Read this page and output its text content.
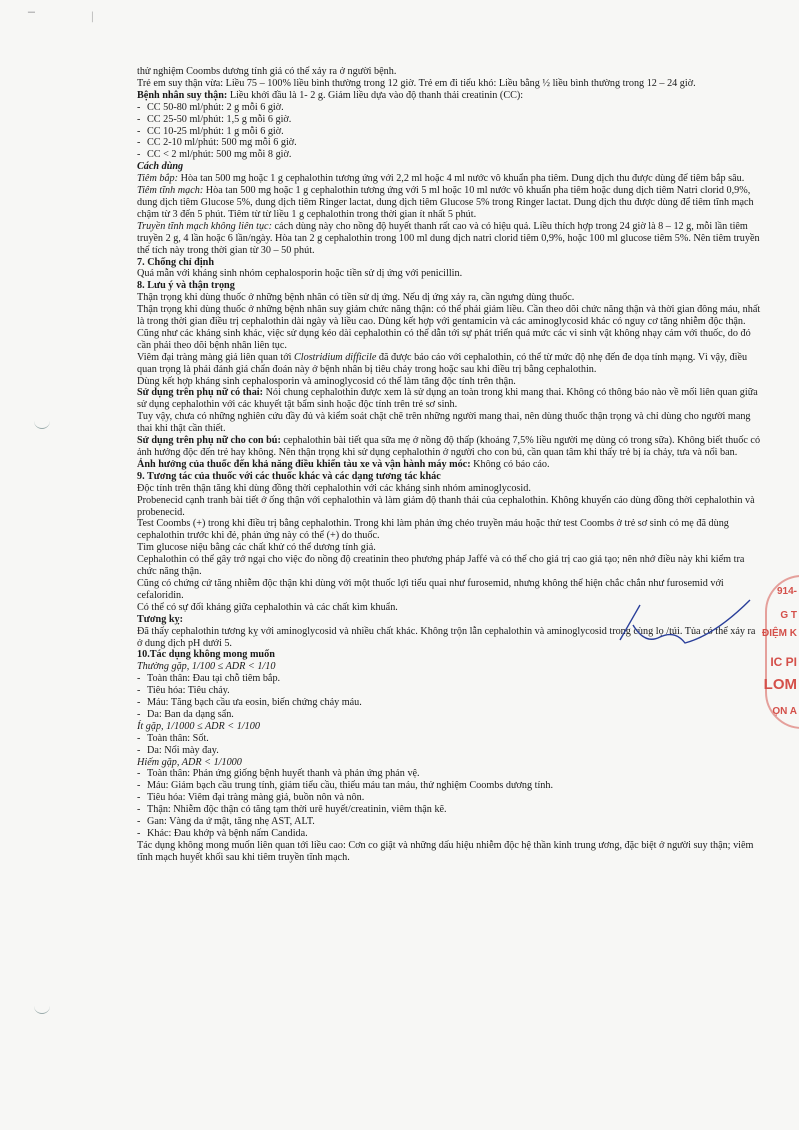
▔	▏

thử nghiệm Coombs dương tính giả có thể xảy ra ở người bệnh.

Trẻ em suy thận vừa: Liều 75 – 100% liều bình thường trong 12 giờ. Trẻ em đi tiểu khó: Liều bằng ½ liều bình thường trong 12 – 24 giờ.

Bệnh nhân suy thận: Liều khởi đầu là 1- 2 g. Giảm liều dựa vào độ thanh thải creatinin (CC):

- CC 50-80 ml/phút: 2 g mỗi 6 giờ.
- CC 25-50 ml/phút: 1,5 g mỗi 6 giờ.
- CC 10-25 ml/phút: 1 g mỗi 6 giờ.
- CC 2-10 ml/phút: 500 mg mỗi 6 giờ.
- CC < 2 ml/phút: 500 mg mỗi 8 giờ.

Cách dùng

Tiêm bắp: Hòa tan 500 mg hoặc 1 g cephalothin tương ứng với 2,2 ml hoặc 4 ml nước vô khuẩn pha tiêm. Dung dịch thu được dùng để tiêm bắp sâu.

Tiêm tĩnh mạch: Hòa tan 500 mg hoặc 1 g cephalothin tương ứng với 5 ml hoặc 10 ml nước vô khuẩn pha tiêm hoặc dung dịch tiêm Natri clorid 0,9%, dung dịch tiêm Glucose 5%, dung dịch tiêm Ringer lactat, dung dịch tiêm Glucose 5% trong Ringer lactat. Dung dịch thu được dùng để tiêm tĩnh mạch chậm từ 3 đến 5 phút. Tiêm từ từ liều 1 g cephalothin trong thời gian ít nhất 5 phút.

Truyền tĩnh mạch không liên tục: cách dùng này cho nồng độ huyết thanh rất cao và có hiệu quả. Liều thích hợp trong 24 giờ là 8 – 12 g, mỗi lần tiêm truyền 2 g, 4 lần hoặc 6 lần/ngày. Hòa tan 2 g cephalothin trong 100 ml dung dịch natri clorid tiêm 0,9%, hoặc 100 ml glucose tiêm 5%. Nên tiêm truyền thể tích này trong thời gian từ 30 – 50 phút.

7. Chống chỉ định

Quá mẫn với kháng sinh nhóm cephalosporin hoặc tiền sử dị ứng với penicillin.

8. Lưu ý và thận trọng

Thận trọng khi dùng thuốc ở những bệnh nhân có tiền sử dị ứng. Nếu dị ứng xảy ra, cần ngưng dùng thuốc.

Thận trọng khi dùng thuốc ở những bệnh nhân suy giảm chức năng thận: có thể phải giảm liều. Cần theo dõi chức năng thận và thời gian đông máu, nhất là trong thời gian điều trị cephalothin dài ngày và liều cao. Dùng kết hợp với gentamicin và các aminoglycosid khác có nguy cơ tăng nhiễm độc thận.

Cũng như các kháng sinh khác, việc sử dụng kéo dài cephalothin có thể dẫn tới sự phát triển quá mức các vi sinh vật không nhạy cảm với thuốc, do đó cần phải theo dõi bệnh nhân liên tục.

Viêm đại tràng màng giả liên quan tới Clostridium difficile đã được báo cáo với cephalothin, có thể từ mức độ nhẹ đến đe dọa tính mạng. Vì vậy, điều quan trọng là phải đánh giá chẩn đoán này ở bệnh nhân bị tiêu chảy trong hoặc sau khi điều trị bằng cephalothin.

Dùng kết hợp kháng sinh cephalosporin và aminoglycosid có thể làm tăng độc tính trên thận.

Sử dụng trên phụ nữ có thai: Nói chung cephalothin được xem là sử dụng an toàn trong khi mang thai. Không có thông báo nào về mối liên quan giữa sử dụng cephalothin với các khuyết tật bẩm sinh hoặc độc tính trên trẻ sơ sinh.

Tuy vậy, chưa có những nghiên cứu đầy đủ và kiểm soát chặt chẽ trên những người mang thai, nên dùng thuốc thận trọng và chỉ dùng cho người mang thai khi thật cần thiết.

Sử dụng trên phụ nữ cho con bú: cephalothin bài tiết qua sữa mẹ ở nồng độ thấp (khoảng 7,5% liều người mẹ dùng có trong sữa). Không biết thuốc có ảnh hưởng độc đến trẻ hay không. Nên thận trọng khi sử dụng cephalothin ở người cho con bú, cần quan tâm khi thấy trẻ bị ỉa chảy, tưa và nổi ban.

Ảnh hưởng của thuốc đến khả năng điều khiển tàu xe và vận hành máy móc: Không có báo cáo.

9. Tương tác của thuốc với các thuốc khác và các dạng tương tác khác

Độc tính trên thận tăng khi dùng đồng thời cephalothin với các kháng sinh nhóm aminoglycosid.

Probenecid cạnh tranh bài tiết ở ống thận với cephalothin và làm giảm độ thanh thải của cephalothin. Không khuyến cáo dùng đồng thời cephalothin và probenecid.

Test Coombs (+) trong khi điều trị bằng cephalothin. Trong khi làm phản ứng chéo truyền máu hoặc thử test Coombs ở trẻ sơ sinh có mẹ đã dùng cephalothin trước khi đẻ, phản ứng này có thể (+) do thuốc.

Tìm glucose niệu bằng các chất khử có thể dương tính giả.

Cephalothin có thể gây trở ngại cho việc đo nồng độ creatinin theo phương pháp Jaffé và có thể cho giá trị cao giả tạo; nên nhớ điều này khi kiểm tra chức năng thận.

Cũng có chứng cứ tăng nhiễm độc thận khi dùng với một thuốc lợi tiểu quai như furosemid, nhưng không thể hiện chắc chắn như furosemid với cefaloridin.

Có thể có sự đối kháng giữa cephalothin và các chất kìm khuẩn.

Tương kỵ:

Đã thấy cephalothin tương kỵ với aminoglycosid và nhiều chất khác. Không trộn lẫn cephalothin và aminoglycosid trong cùng lọ /túi. Tủa có thể xảy ra ở dung dịch pH dưới 5.

10.Tác dụng không mong muốn

Thường gặp, 1/100 ≤ ADR < 1/10

- Toàn thân: Đau tại chỗ tiêm bắp.
- Tiêu hóa: Tiêu chảy.
- Máu: Tăng bạch cầu ưa eosin, biến chứng chảy máu.
- Da: Ban da dạng sẩn.

Ít gặp, 1/1000 ≤ ADR < 1/100

- Toàn thân: Sốt.
- Da: Nổi mày đay.

Hiếm gặp, ADR < 1/1000

- Toàn thân: Phản ứng giống bệnh huyết thanh và phản ứng phản vệ.
- Máu: Giảm bạch cầu trung tính, giảm tiểu cầu, thiếu máu tan máu, thử nghiệm Coombs dương tính.
- Tiêu hóa: Viêm đại tràng màng giả, buồn nôn và nôn.
- Thận: Nhiễm độc thận có tăng tạm thời urê huyết/creatinin, viêm thận kẽ.
- Gan: Vàng da ứ mật, tăng nhẹ AST, ALT.
- Khác: Đau khớp và bệnh nấm Candida.

Tác dụng không mong muốn liên quan tới liều cao: Cơn co giật và những dấu hiệu nhiễm độc hệ thần kinh trung ương, đặc biệt ở người suy thận; viêm tĩnh mạch huyết khối sau khi tiêm truyền tĩnh mạch.

914-
G T
ĐIỆM K
IC PI
LOM
ỌN A
